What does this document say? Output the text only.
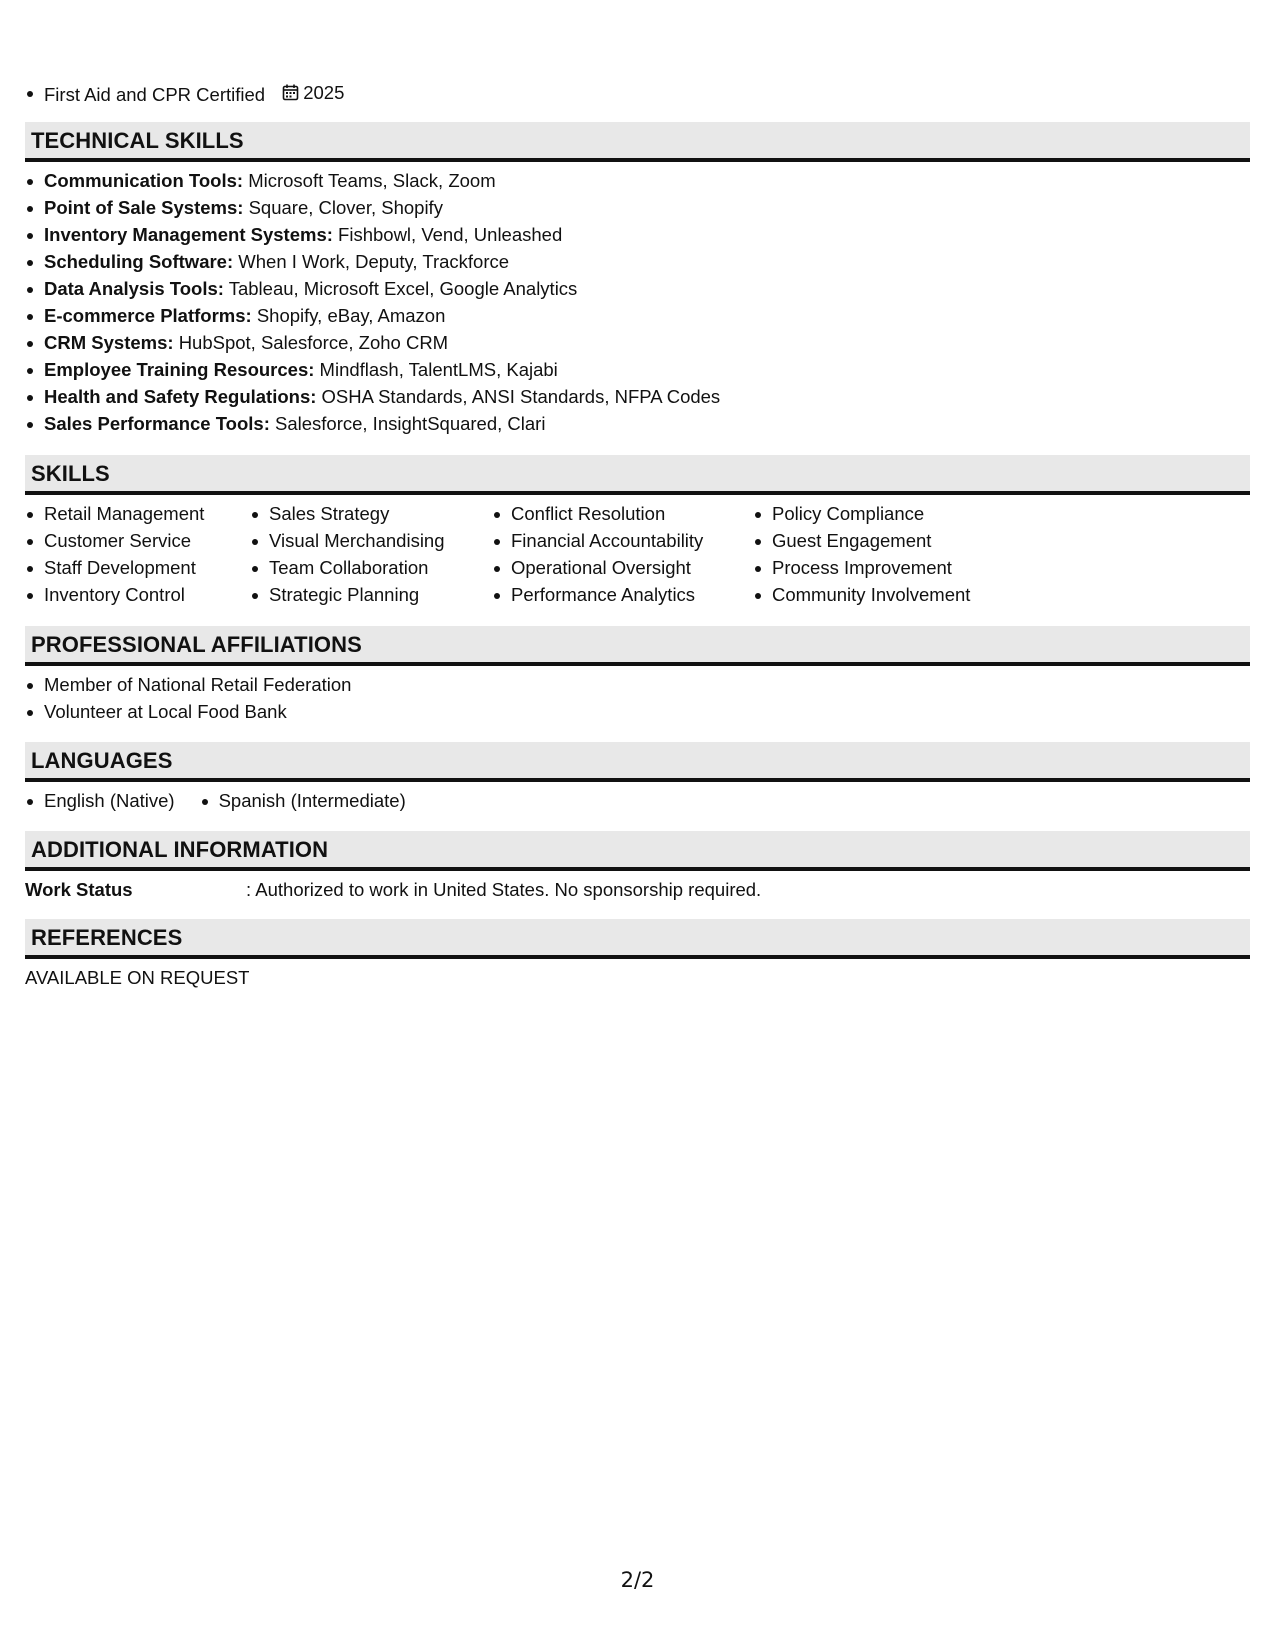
First Aid and CPR Certified 2025
TECHNICAL SKILLS
Communication Tools: Microsoft Teams, Slack, Zoom
Point of Sale Systems: Square, Clover, Shopify
Inventory Management Systems: Fishbowl, Vend, Unleashed
Scheduling Software: When I Work, Deputy, Trackforce
Data Analysis Tools: Tableau, Microsoft Excel, Google Analytics
E-commerce Platforms: Shopify, eBay, Amazon
CRM Systems: HubSpot, Salesforce, Zoho CRM
Employee Training Resources: Mindflash, TalentLMS, Kajabi
Health and Safety Regulations: OSHA Standards, ANSI Standards, NFPA Codes
Sales Performance Tools: Salesforce, InsightSquared, Clari
SKILLS
Retail Management
Customer Service
Staff Development
Inventory Control
Sales Strategy
Visual Merchandising
Team Collaboration
Strategic Planning
Conflict Resolution
Financial Accountability
Operational Oversight
Performance Analytics
Policy Compliance
Guest Engagement
Process Improvement
Community Involvement
PROFESSIONAL AFFILIATIONS
Member of National Retail Federation
Volunteer at Local Food Bank
LANGUAGES
English (Native)	Spanish (Intermediate)
ADDITIONAL INFORMATION
Work Status	: Authorized to work in United States. No sponsorship required.
REFERENCES
AVAILABLE ON REQUEST
2/2
